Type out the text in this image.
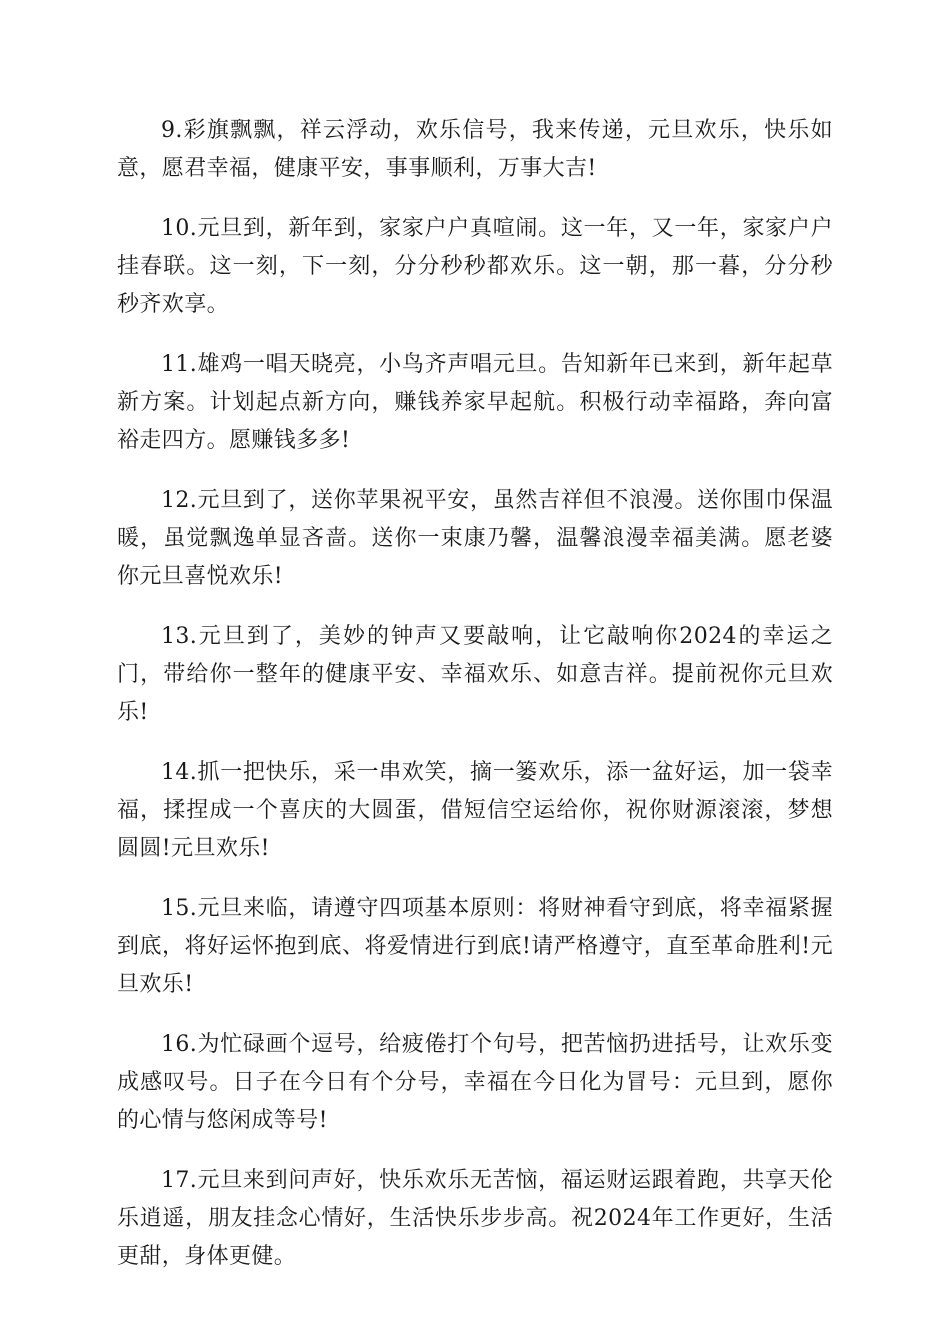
9.彩旗飘飘，祥云浮动，欢乐信号，我来传递，元旦欢乐，快乐如意，愿君幸福，健康平安，事事顺利，万事大吉!

10.元旦到，新年到，家家户户真喧闹。这一年，又一年，家家户户挂春联。这一刻，下一刻，分分秒秒都欢乐。这一朝，那一暮，分分秒秒齐欢享。

11.雄鸡一唱天晓亮，小鸟齐声唱元旦。告知新年已来到，新年起草新方案。计划起点新方向，赚钱养家早起航。积极行动幸福路，奔向富裕走四方。愿赚钱多多!

12.元旦到了，送你苹果祝平安，虽然吉祥但不浪漫。送你围巾保温暖，虽觉飘逸单显吝啬。送你一束康乃馨，温馨浪漫幸福美满。愿老婆你元旦喜悦欢乐!

13.元旦到了，美妙的钟声又要敲响，让它敲响你2024的幸运之门，带给你一整年的健康平安、幸福欢乐、如意吉祥。提前祝你元旦欢乐!

14.抓一把快乐，采一串欢笑，摘一篓欢乐，添一盆好运，加一袋幸福，揉捏成一个喜庆的大圆蛋，借短信空运给你，祝你财源滚滚，梦想圆圆!元旦欢乐!

15.元旦来临，请遵守四项基本原则：将财神看守到底，将幸福紧握到底，将好运怀抱到底、将爱情进行到底!请严格遵守，直至革命胜利!元旦欢乐!

16.为忙碌画个逗号，给疲倦打个句号，把苦恼扔进括号，让欢乐变成感叹号。日子在今日有个分号，幸福在今日化为冒号：元旦到，愿你的心情与悠闲成等号!

17.元旦来到问声好，快乐欢乐无苦恼，福运财运跟着跑，共享天伦乐逍遥，朋友挂念心情好，生活快乐步步高。祝2024年工作更好，生活更甜，身体更健。
